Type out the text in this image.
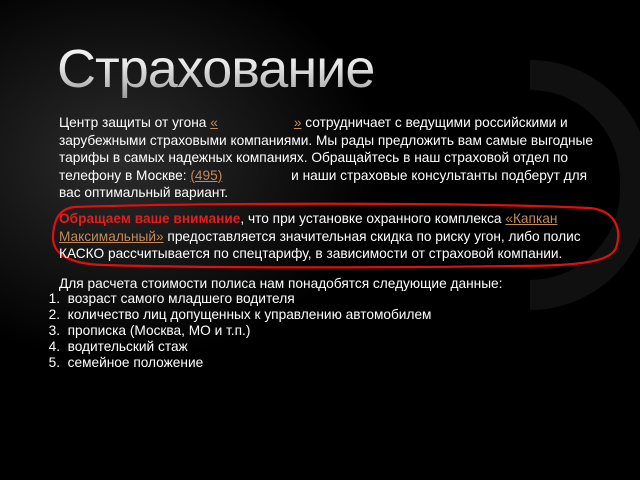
Страхование

Центр защиты от угона «	» сотрудничает с ведущими российскими и зарубежными страховыми компаниями. Мы рады предложить вам самые выгодные тарифы в самых надежных компаниях. Обращайтесь в наш страховой отдел по телефону в Москве: (495)	и наши страховые консультанты подберут для вас оптимальный вариант.

Обращаем ваше внимание, что при установке охранного комплекса «Капкан Максимальный» предоставляется значительная скидка по риску угон, либо полис КАСКО рассчитывается по спецтарифу, в зависимости от страховой компании.

Для расчета стоимости полиса нам понадобятся следующие данные:

1.
возраст самого младшего водителя
2.
количество лиц допущенных к управлению автомобилем
3.
прописка (Москва, МО и т.п.)
4.
водительский стаж
5.
семейное положение
